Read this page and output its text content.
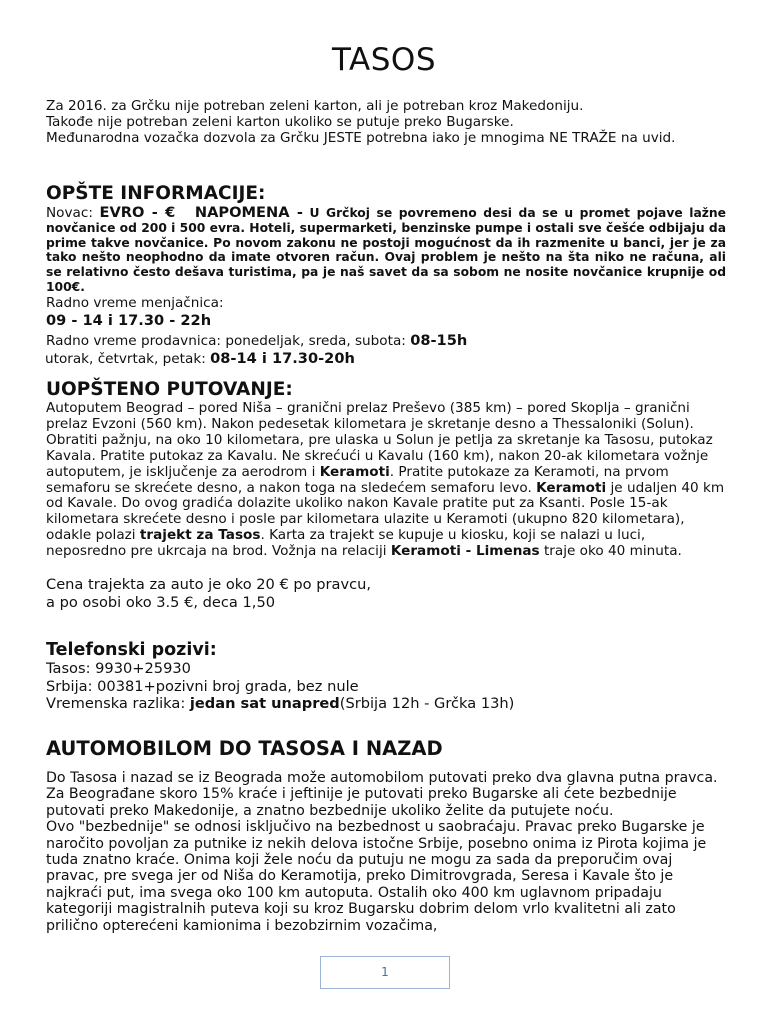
TASOS

Za 2016. za Grčku nije potreban zeleni karton, ali je potreban kroz Makedoniju.

Takođe nije potreban zeleni karton ukoliko se putuje preko Bugarske.

Međunarodna vozačka dozvola za Grčku JESTE potrebna iako je mnogima NE TRAŽE na uvid.

OPŠTE INFORMACIJE:

Novac: EVRO - € NAPOMENA - U Grčkoj se povremeno desi da se u promet pojave lažne novčanice od 200 i 500 evra. Hoteli, supermarketi, benzinske pumpe i ostali sve češće odbijaju da prime takve novčanice. Po novom zakonu ne postoji mogućnost da ih razmenite u banci, jer je za tako nešto neophodno da imate otvoren račun. Ovaj problem je nešto na šta niko ne računa, ali se relativno često dešava turistima, pa je naš savet da sa sobom ne nosite novčanice krupnije od 100€.

Radno vreme menjačnica:

09 - 14 i 17.30 - 22h

Radno vreme prodavnica: ponedeljak, sreda, subota: 08-15h

utorak, četvrtak, petak: 08-14 i 17.30-20h

UOPŠTENO PUTOVANJE:

Autoputem Beograd – pored Niša – granični prelaz Preševo (385 km) – pored Skoplja – granični prelaz Evzoni (560 km). Nakon pedesetak kilometara je skretanje desno a Thessaloniki (Solun). Obratiti pažnju, na oko 10 kilometara, pre ulaska u Solun je petlja za skretanje ka Tasosu, putokaz Kavala. Pratite putokaz za Kavalu. Ne skrećući u Kavalu (160 km), nakon 20-ak kilometara vožnje autoputem, je isključenje za aerodrom i Keramoti. Pratite putokaze za Keramoti, na prvom semaforu se skrećete desno, a nakon toga na sledećem semaforu levo. Keramoti je udaljen 40 km od Kavale. Do ovog gradića dolazite ukoliko nakon Kavale pratite put za Ksanti. Posle 15-ak kilometara skrećete desno i posle par kilometara ulazite u Keramoti (ukupno 820 kilometara), odakle polazi trajekt za Tasos. Karta za trajekt se kupuje u kiosku, koji se nalazi u luci, neposredno pre ukrcaja na brod. Vožnja na relaciji Keramoti - Limenas traje oko 40 minuta.

Cena trajekta za auto je oko 20 € po pravcu,

a po osobi oko 3.5 €, deca 1,50

Telefonski pozivi:

Tasos: 9930+25930

Srbija: 00381+pozivni broj grada, bez nule

Vremenska razlika: jedan sat unapred(Srbija 12h - Grčka 13h)

AUTOMOBILOM DO TASOSA I NAZAD

Do Tasosa i nazad se iz Beograda može automobilom putovati preko dva glavna putna pravca. Za Beograđane skoro 15% kraće i jeftinije je putovati preko Bugarske ali ćete bezbednije putovati preko Makedonije, a znatno bezbednije ukoliko želite da putujete noću.

Ovo "bezbednije" se odnosi isključivo na bezbednost u saobraćaju. Pravac preko Bugarske je naročito povoljan za putnike iz nekih delova istočne Srbije, posebno onima iz Pirota kojima je tuda znatno kraće. Onima koji žele noću da putuju ne mogu za sada da preporučim ovaj pravac, pre svega jer od Niša do Keramotija, preko Dimitrovgrada, Seresa i Kavale što je najkraći put, ima svega oko 100 km autoputa. Ostalih oko 400 km uglavnom pripadaju kategoriji magistralnih puteva koji su kroz Bugarsku dobrim delom vrlo kvalitetni ali zato prilično opterećeni kamionima i bezobzirnim vozačima,

1
